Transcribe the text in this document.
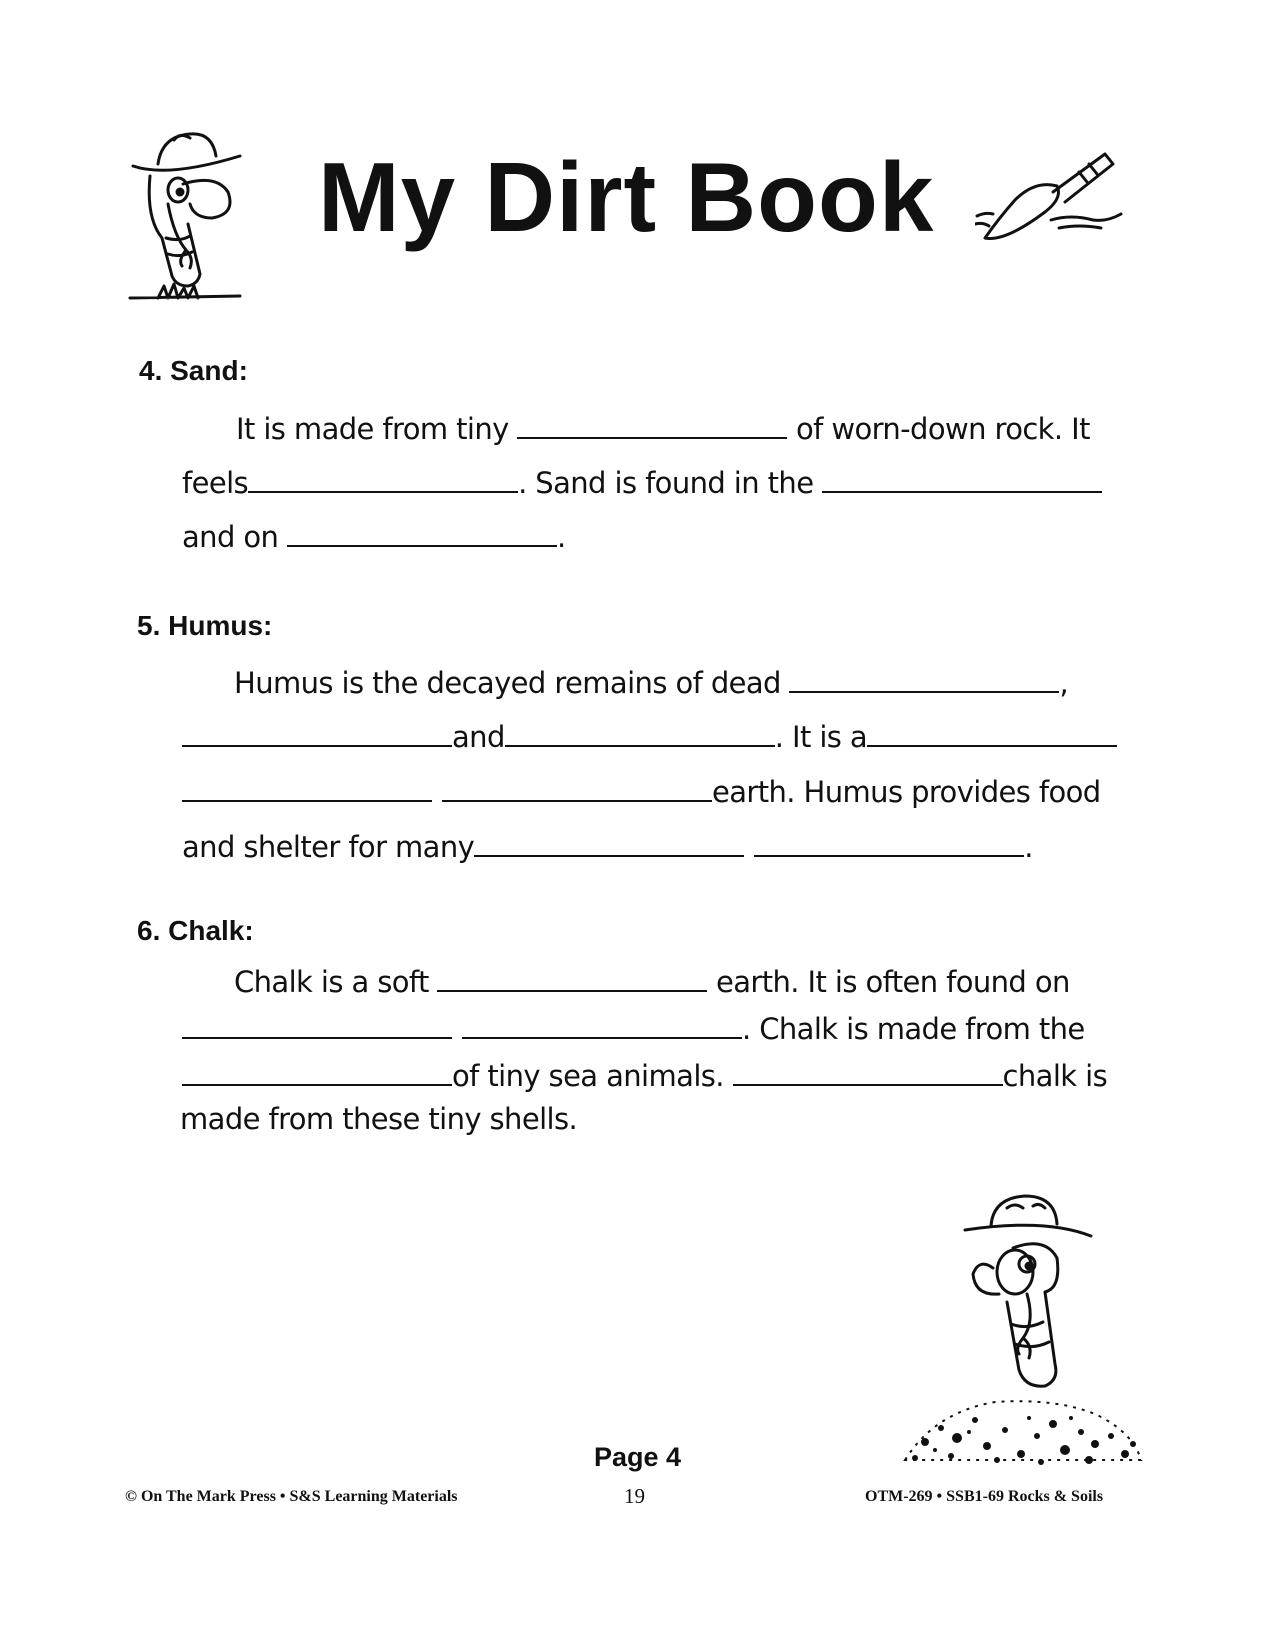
My Dirt Book
4. Sand:
It is made from tiny	of worn-down rock. It
feels	. Sand is found in the
and on	.
5. Humus:
Humus is the decayed remains of dead	,
and	. It is a
earth. Humus provides food
and shelter for many	.
6. Chalk:
Chalk is a soft	earth. It is often found on
. Chalk is made from the
of tiny sea animals.	chalk is
made from these tiny shells.
Page 4
© On The Mark Press • S&S Learning Materials	19	OTM-269 • SSB1-69 Rocks & Soils
